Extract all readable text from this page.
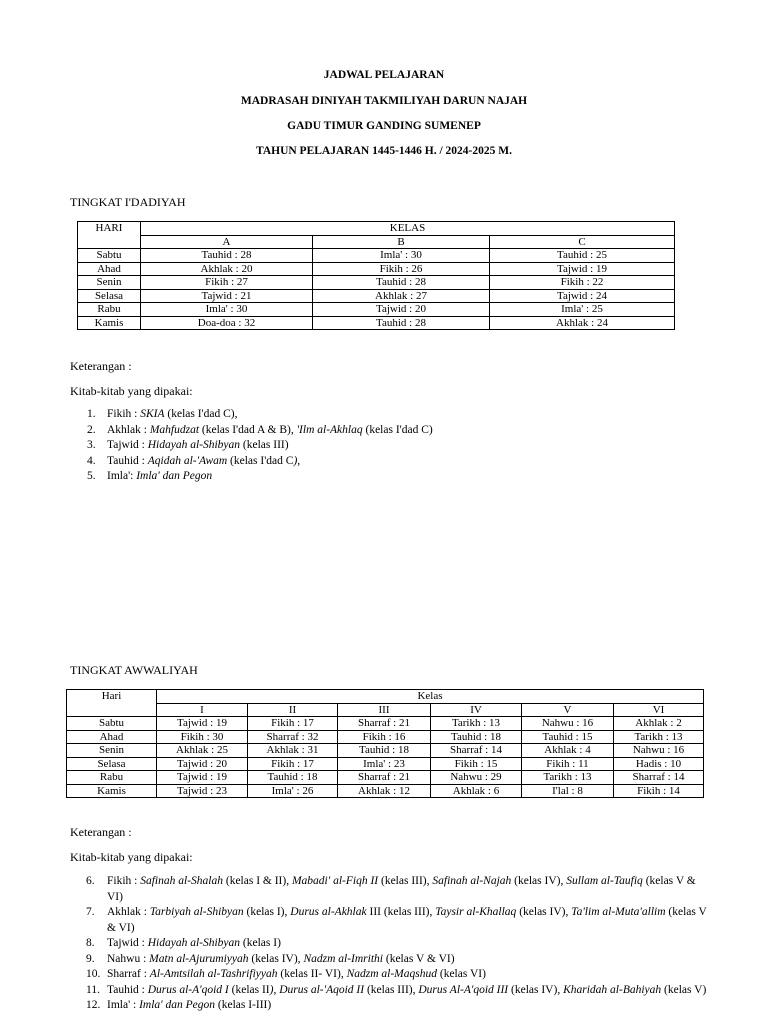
JADWAL PELAJARAN
MADRASAH DINIYAH TAKMILIYAH DARUN NAJAH
GADU TIMUR GANDING SUMENEP
TAHUN PELAJARAN 1445-1446 H. / 2024-2025 M.
TINGKAT I'DADIYAH
HARI	KELAS		
	A	B	C
Sabtu	Tauhid : 28	Imla' : 30	Tauhid : 25
Ahad	Akhlak : 20	Fikih : 26	Tajwid : 19
Senin	Fikih : 27	Tauhid : 28	Fikih : 22
Selasa	Tajwid : 21	Akhlak : 27	Tajwid : 24
Rabu	Imla' : 30	Tajwid : 20	Imla' : 25
Kamis	Doa-doa : 32	Tauhid : 28	Akhlak : 24
Keterangan :
Kitab-kitab yang dipakai:
1. Fikih : SKIA (kelas I'dad C),
2. Akhlak : Mahfudzat (kelas I'dad A & B), 'Ilm al-Akhlaq (kelas I'dad C)
3. Tajwid : Hidayah al-Shibyan (kelas III)
4. Tauhid : Aqidah al-'Awam (kelas I'dad C),
5. Imla': Imla' dan Pegon
TINGKAT AWWALIYAH
Hari	Kelas					
	I	II	III	IV	V	VI
Sabtu	Tajwid : 19	Fikih : 17	Sharraf : 21	Tarikh : 13	Nahwu : 16	Akhlak : 2
Ahad	Fikih : 30	Sharraf : 32	Fikih : 16	Tauhid : 18	Tauhid : 15	Tarikh : 13
Senin	Akhlak : 25	Akhlak : 31	Tauhid : 18	Sharraf : 14	Akhlak : 4	Nahwu : 16
Selasa	Tajwid : 20	Fikih : 17	Imla' : 23	Fikih : 15	Fikih : 11	Hadis : 10
Rabu	Tajwid : 19	Tauhid : 18	Sharraf : 21	Nahwu : 29	Tarikh : 13	Sharraf : 14
Kamis	Tajwid : 23	Imla' : 26	Akhlak : 12	Akhlak : 6	I'lal : 8	Fikih : 14
Keterangan :
Kitab-kitab yang dipakai:
6. Fikih : Safinah al-Shalah (kelas I & II), Mabadi' al-Fiqh II (kelas III), Safinah al-Najah (kelas IV), Sullam al-Taufiq (kelas V & VI)
7. Akhlak : Tarbiyah al-Shibyan (kelas I), Durus al-Akhlak III (kelas III), Taysir al-Khallaq (kelas IV), Ta'lim al-Muta'allim (kelas V & VI)
8. Tajwid : Hidayah al-Shibyan (kelas I)
9. Nahwu : Matn al-Ajurumiyyah (kelas IV), Nadzm al-Imrithi (kelas V & VI)
10. Sharraf : Al-Amtsilah al-Tashrifiyyah (kelas II- VI), Nadzm al-Maqshud (kelas VI)
11. Tauhid : Durus al-A'qoid I (kelas II), Durus al-'Aqoid II (kelas III), Durus Al-A'qoid III (kelas IV), Kharidah al-Bahiyah (kelas V)
12. Imla' : Imla' dan Pegon (kelas I-III)
